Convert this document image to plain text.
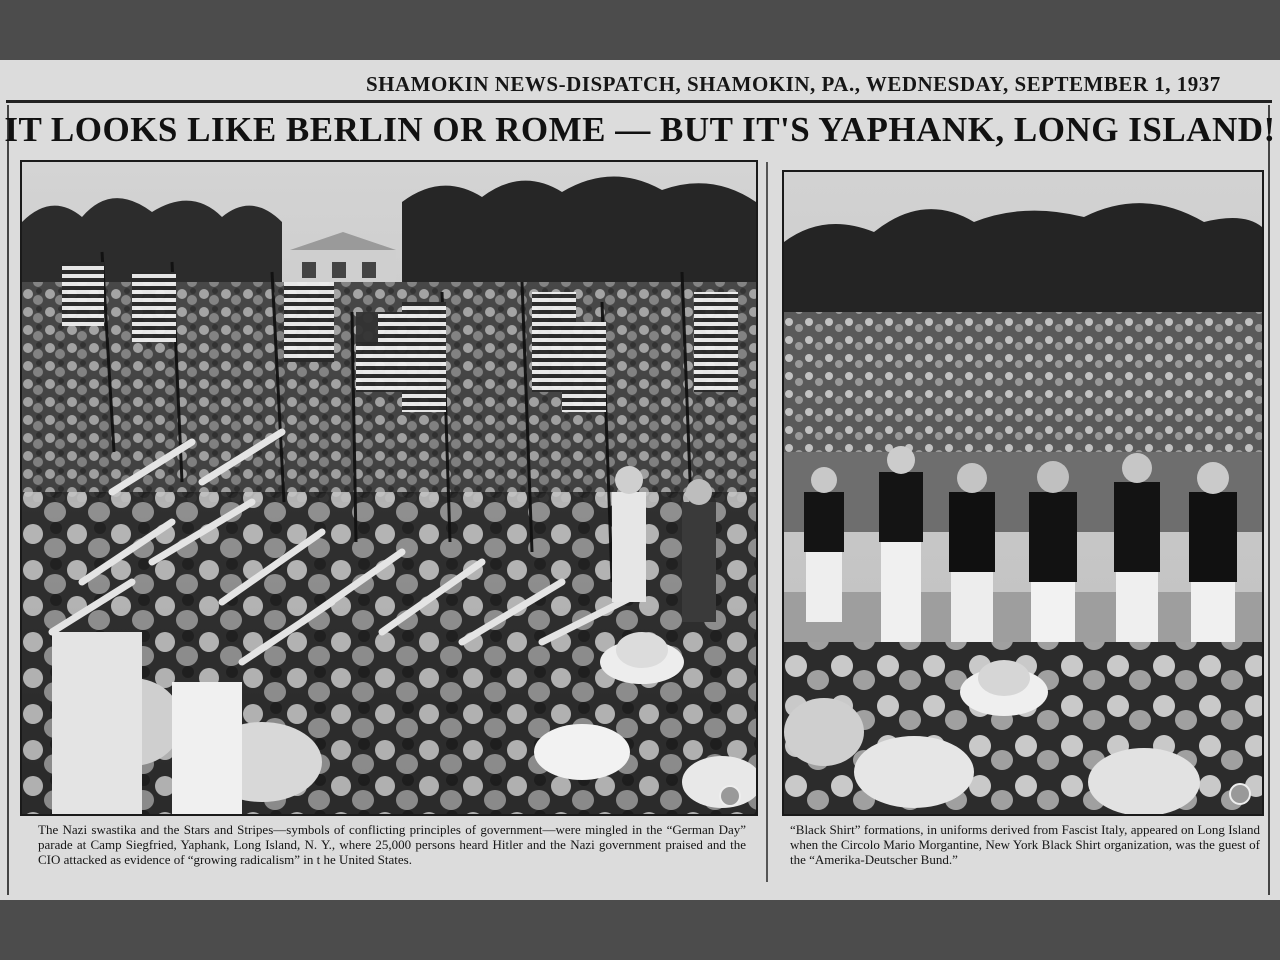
SHAMOKIN NEWS-DISPATCH, SHAMOKIN, PA., WEDNESDAY, SEPTEMBER 1, 1937
IT LOOKS LIKE BERLIN OR ROME — BUT IT'S YAPHANK, LONG ISLAND!
The Nazi swastika and the Stars and Stripes—symbols of conflicting principles of government—were mingled in the “German Day” parade at Camp Siegfried, Yaphank, Long Island, N. Y., where 25,000 persons heard Hitler and the Nazi government praised and the CIO attacked as evidence of “growing radicalism” in t he United States.
“Black Shirt” formations, in uniforms derived from Fascist Italy, appeared on Long Island when the Circolo Mario Morgantine, New York Black Shirt organization, was the guest of the “Amerika-Deutscher Bund.”
